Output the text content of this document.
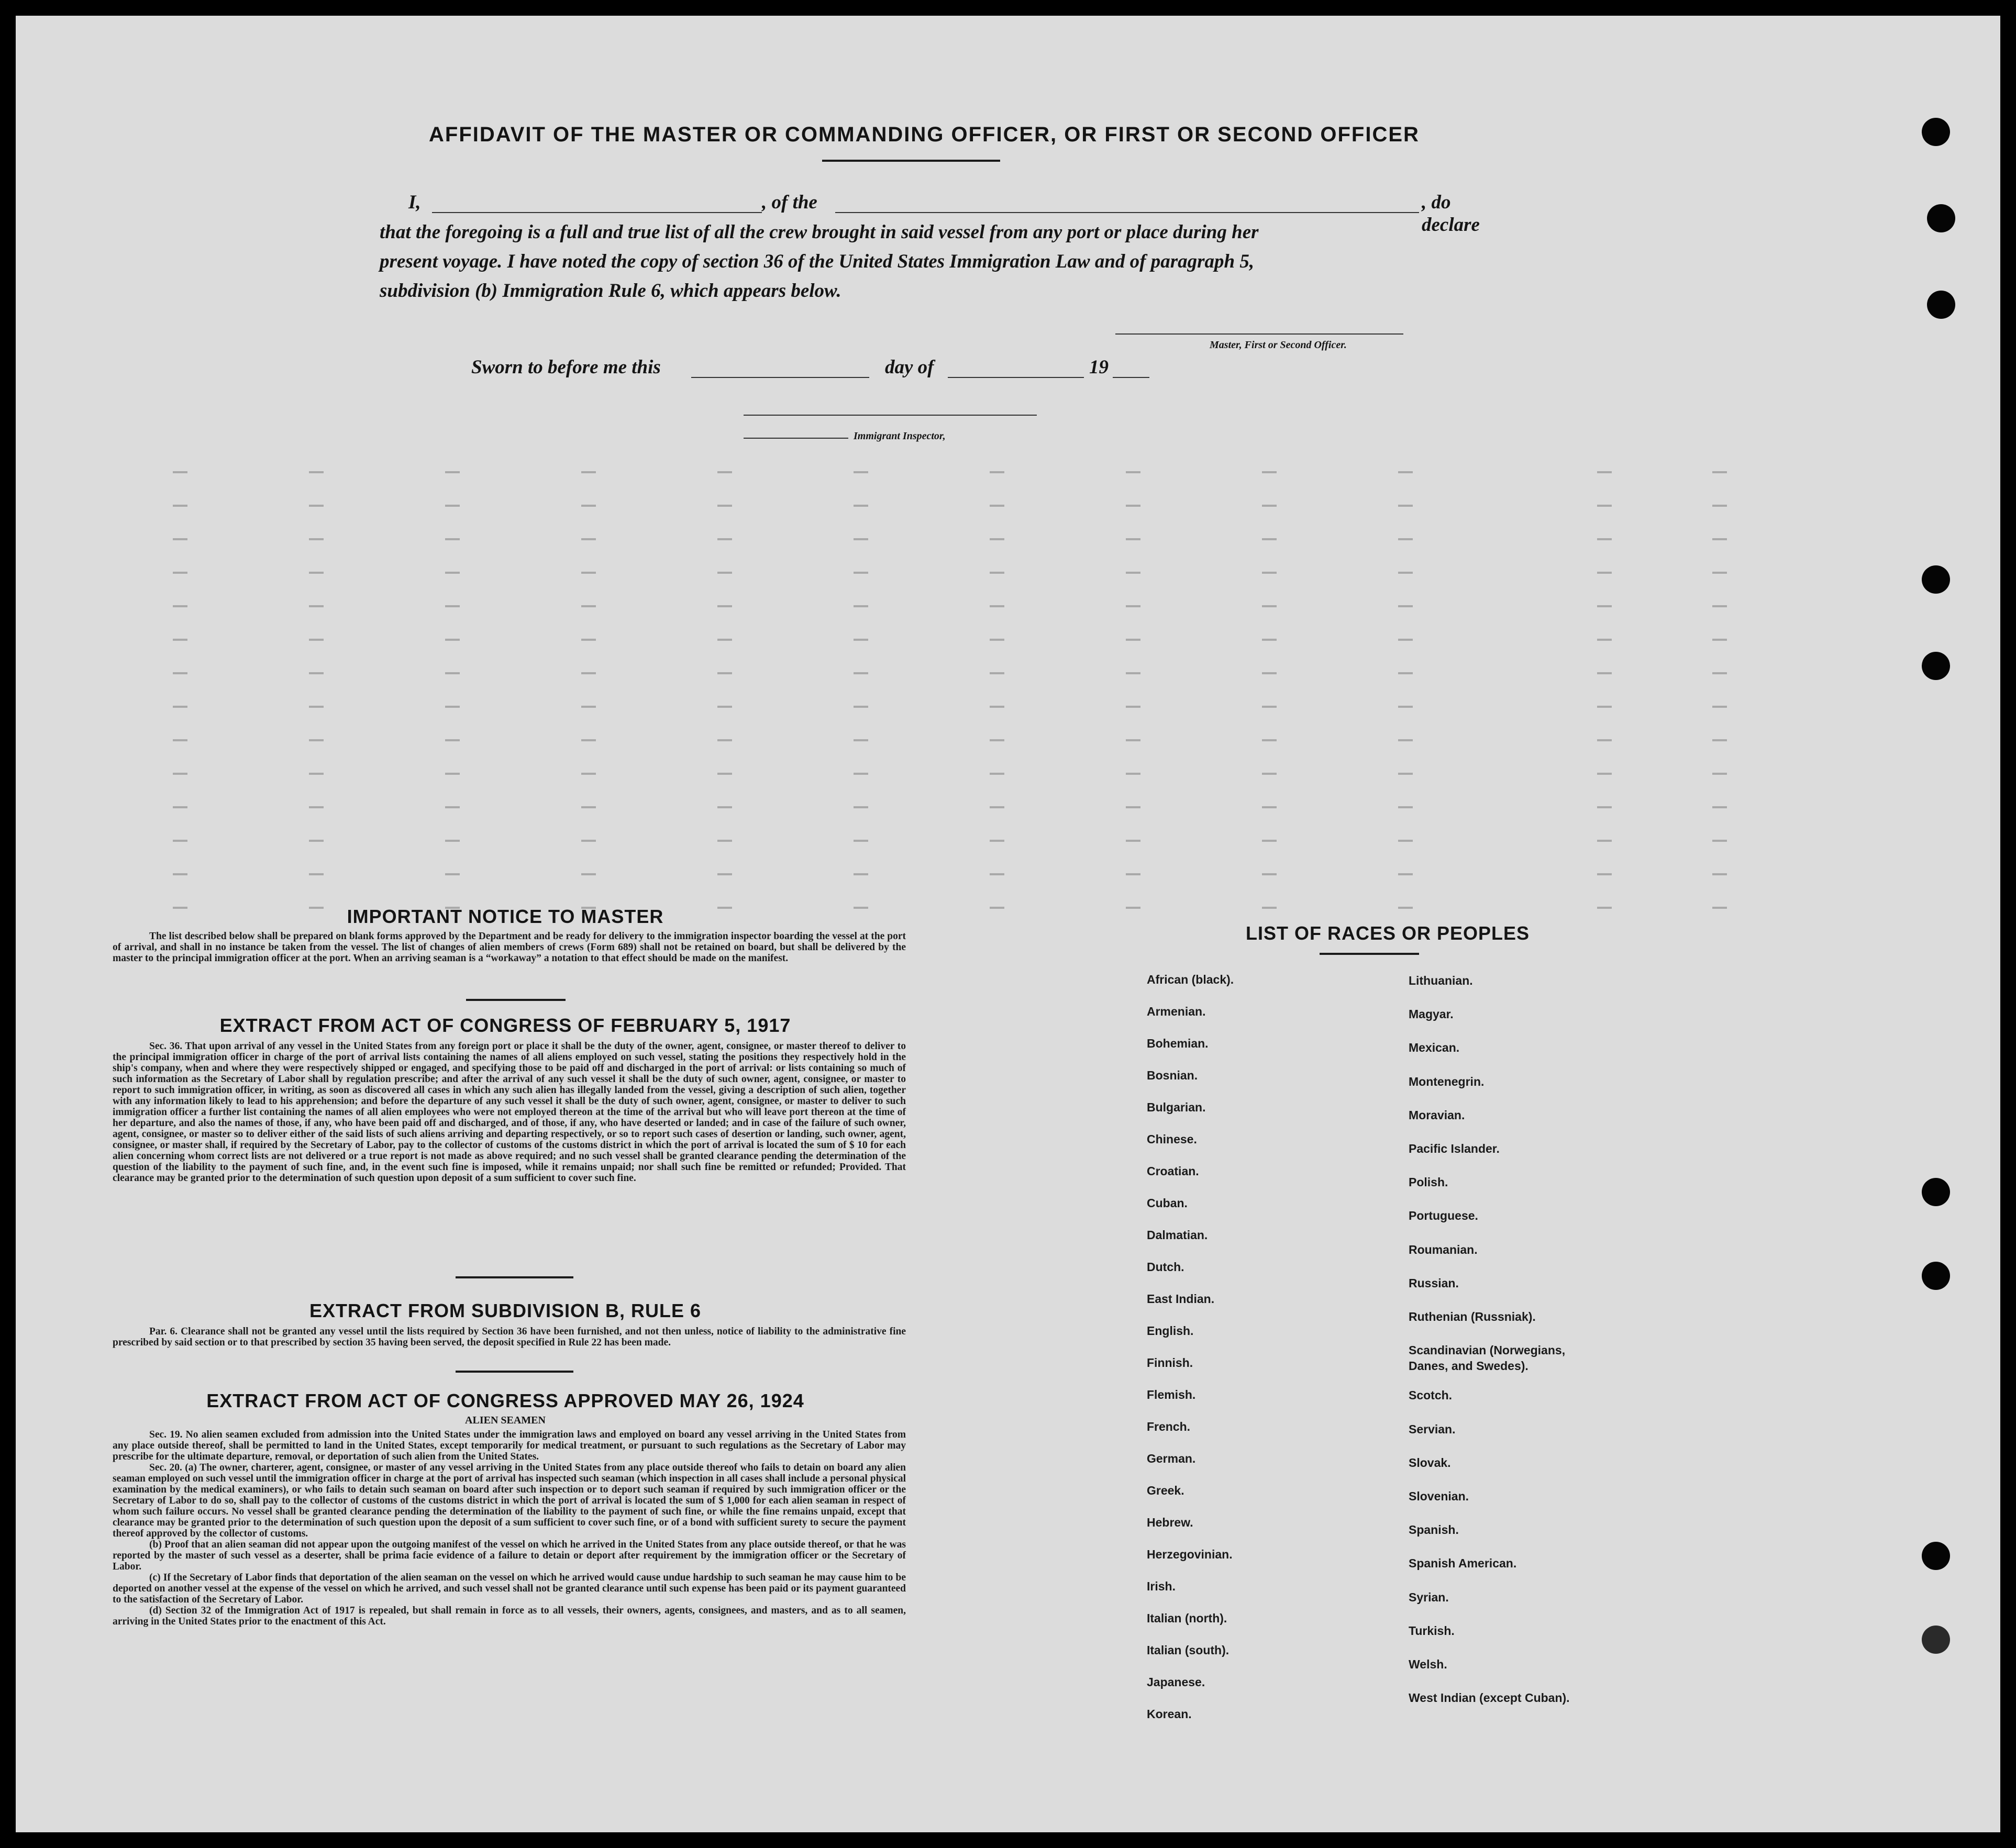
AFFIDAVIT OF THE MASTER OR COMMANDING OFFICER, OR FIRST OR SECOND OFFICER
I,	, of the	, do declare
that the foregoing is a full and true list of all the crew brought in said vessel from any port or place during her
present voyage. I have noted the copy of section 36 of the United States Immigration Law and of paragraph 5,
subdivision (b) Immigration Rule 6, which appears below.
Master, First or Second Officer.
Sworn to before me this	day of	19
Immigrant Inspector,
IMPORTANT NOTICE TO MASTER

The list described below shall be prepared on blank forms approved by the Department and be ready for delivery to the immigration inspector boarding the vessel at the port of arrival, and shall in no instance be taken from the vessel. The list of changes of alien members of crews (Form 689) shall not be retained on board, but shall be delivered by the master to the principal immigration officer at the port. When an arriving seaman is a “workaway” a notation to that effect should be made on the manifest.

EXTRACT FROM ACT OF CONGRESS OF FEBRUARY 5, 1917

Sec. 36. That upon arrival of any vessel in the United States from any foreign port or place it shall be the duty of the owner, agent, consignee, or master thereof to deliver to the principal immigration officer in charge of the port of arrival lists containing the names of all aliens employed on such vessel, stating the positions they respectively hold in the ship's company, when and where they were respectively shipped or engaged, and specifying those to be paid off and discharged in the port of arrival: or lists containing so much of such information as the Secretary of Labor shall by regulation prescribe; and after the arrival of any such vessel it shall be the duty of such owner, agent, consignee, or master to report to such immigration officer, in writing, as soon as discovered all cases in which any such alien has illegally landed from the vessel, giving a description of such alien, together with any information likely to lead to his apprehension; and before the departure of any such vessel it shall be the duty of such owner, agent, consignee, or master to deliver to such immigration officer a further list containing the names of all alien employees who were not employed thereon at the time of the arrival but who will leave port thereon at the time of her departure, and also the names of those, if any, who have been paid off and discharged, and of those, if any, who have deserted or landed; and in case of the failure of such owner, agent, consignee, or master so to deliver either of the said lists of such aliens arriving and departing respectively, or so to report such cases of desertion or landing, such owner, agent, consignee, or master shall, if required by the Secretary of Labor, pay to the collector of customs of the customs district in which the port of arrival is located the sum of $ 10 for each alien concerning whom correct lists are not delivered or a true report is not made as above required; and no such vessel shall be granted clearance pending the determination of the question of the liability to the payment of such fine, and, in the event such fine is imposed, while it remains unpaid; nor shall such fine be remitted or refunded; Provided. That clearance may be granted prior to the determination of such question upon deposit of a sum sufficient to cover such fine.

EXTRACT FROM SUBDIVISION B, RULE 6

Par. 6. Clearance shall not be granted any vessel until the lists required by Section 36 have been furnished, and not then unless, notice of liability to the administrative fine prescribed by said section or to that prescribed by section 35 having been served, the deposit specified in Rule 22 has been made.

EXTRACT FROM ACT OF CONGRESS APPROVED MAY 26, 1924
ALIEN SEAMEN

Sec. 19. No alien seamen excluded from admission into the United States under the immigration laws and employed on board any vessel arriving in the United States from any place outside thereof, shall be permitted to land in the United States, except temporarily for medical treatment, or pursuant to such regulations as the Secretary of Labor may prescribe for the ultimate departure, removal, or deportation of such alien from the United States.

Sec. 20. (a) The owner, charterer, agent, consignee, or master of any vessel arriving in the United States from any place outside thereof who fails to detain on board any alien seaman employed on such vessel until the immigration officer in charge at the port of arrival has inspected such seaman (which inspection in all cases shall include a personal physical examination by the medical examiners), or who fails to detain such seaman on board after such inspection or to deport such seaman if required by such immigration officer or the Secretary of Labor to do so, shall pay to the collector of customs of the customs district in which the port of arrival is located the sum of $ 1,000 for each alien seaman in respect of whom such failure occurs. No vessel shall be granted clearance pending the determination of the liability to the payment of such fine, or while the fine remains unpaid, except that clearance may be granted prior to the determination of such question upon the deposit of a sum sufficient to cover such fine, or of a bond with sufficient surety to secure the payment thereof approved by the collector of customs.

(b) Proof that an alien seaman did not appear upon the outgoing manifest of the vessel on which he arrived in the United States from any place outside thereof, or that he was reported by the master of such vessel as a deserter, shall be prima facie evidence of a failure to detain or deport after requirement by the immigration officer or the Secretary of Labor.

(c) If the Secretary of Labor finds that deportation of the alien seaman on the vessel on which he arrived would cause undue hardship to such seaman he may cause him to be deported on another vessel at the expense of the vessel on which he arrived, and such vessel shall not be granted clearance until such expense has been paid or its payment guaranteed to the satisfaction of the Secretary of Labor.

(d) Section 32 of the Immigration Act of 1917 is repealed, but shall remain in force as to all vessels, their owners, agents, consignees, and masters, and as to all seamen, arriving in the United States prior to the enactment of this Act.

LIST OF RACES OR PEOPLES
African (black).
Armenian.
Bohemian.
Bosnian.
Bulgarian.
Chinese.
Croatian.
Cuban.
Dalmatian.
Dutch.
East Indian.
English.
Finnish.
Flemish.
French.
German.
Greek.
Hebrew.
Herzegovinian.
Irish.
Italian (north).
Italian (south).
Japanese.
Korean.
Lithuanian.
Magyar.
Mexican.
Montenegrin.
Moravian.
Pacific Islander.
Polish.
Portuguese.
Roumanian.
Russian.
Ruthenian (Russniak).
Scandinavian (Norwegians,
Danes, and Swedes).
Scotch.
Servian.
Slovak.
Slovenian.
Spanish.
Spanish American.
Syrian.
Turkish.
Welsh.
West Indian (except Cuban).
